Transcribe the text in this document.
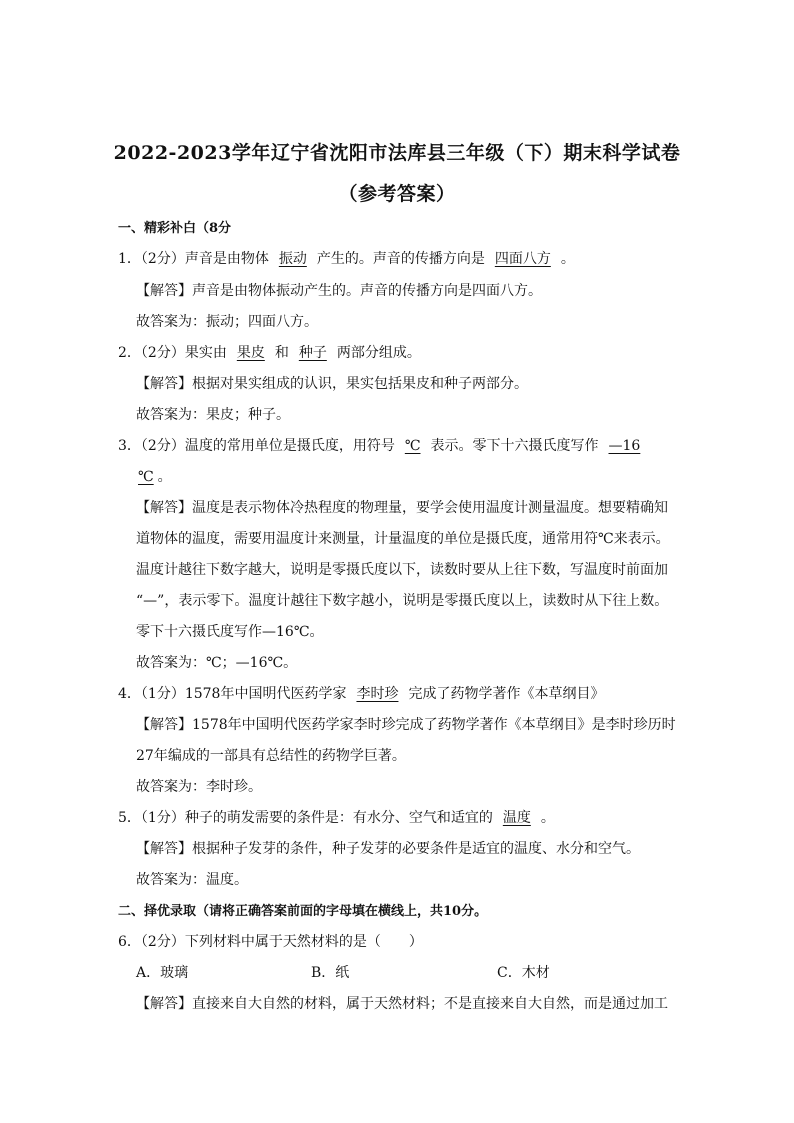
2022-2023学年辽宁省沈阳市法库县三年级（下）期末科学试卷
（参考答案）
一、精彩补白（8分
1．（2分）声音是由物体 振动 产生的。声音的传播方向是 四面八方 。
【解答】声音是由物体振动产生的。声音的传播方向是四面八方。
故答案为：振动；四面八方。
2．（2分）果实由 果皮 和 种子 两部分组成。
【解答】根据对果实组成的认识，果实包括果皮和种子两部分。
故答案为：果皮；种子。
3．（2分）温度的常用单位是摄氏度，用符号 ℃ 表示。零下十六摄氏度写作 —16
℃ 。
【解答】温度是表示物体冷热程度的物理量，要学会使用温度计测量温度。想要精确知
道物体的温度，需要用温度计来测量，计量温度的单位是摄氏度，通常用符℃来表示。
温度计越往下数字越大，说明是零摄氏度以下，读数时要从上往下数，写温度时前面加
“—”，表示零下。温度计越往下数字越小，说明是零摄氏度以上，读数时从下往上数。
零下十六摄氏度写作—16℃。
故答案为：℃；—16℃。
4．（1分）1578年中国明代医药学家 李时珍 完成了药物学著作《本草纲目》
【解答】1578年中国明代医药学家李时珍完成了药物学著作《本草纲目》是李时珍历时
27年编成的一部具有总结性的药物学巨著。
故答案为：李时珍。
5．（1分）种子的萌发需要的条件是：有水分、空气和适宜的 温度 。
【解答】根据种子发芽的条件，种子发芽的必要条件是适宜的温度、水分和空气。
故答案为：温度。
二、择优录取（请将正确答案前面的字母填在横线上，共10分。
6．（2分）下列材料中属于天然材料的是（　　）
A．玻璃	B．纸	C．木材
【解答】直接来自大自然的材料，属于天然材料；不是直接来自大自然，而是通过加工
